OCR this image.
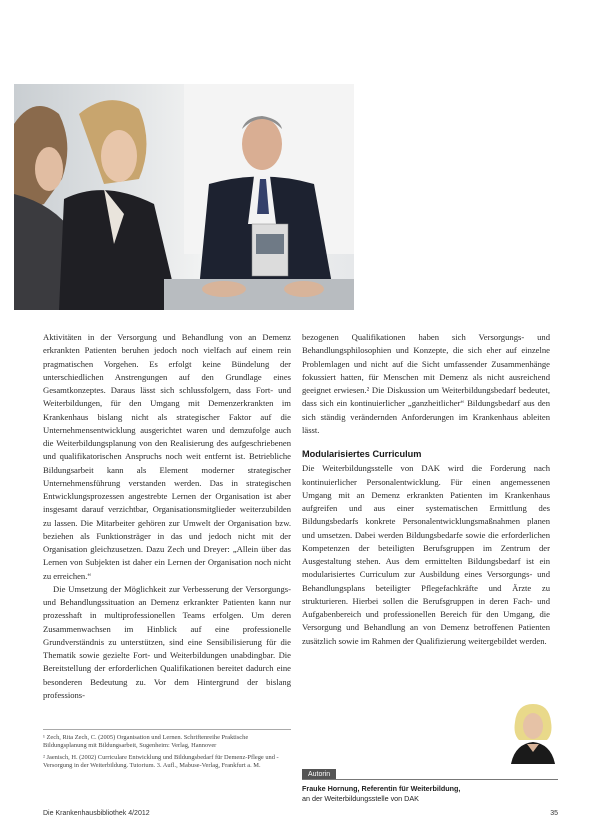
Aktivitäten in der Versorgung und Behandlung von an Demenz erkrankten Patienten beruhen jedoch noch vielfach auf einem rein pragmatischen Vorgehen. Es erfolgt keine Bündelung der unterschiedlichen Anstrengungen auf den Grundlage eines Gesamtkonzeptes. Daraus lässt sich schlussfolgern, dass Fort- und Weiterbildungen, für den Umgang mit Demenzerkrankten im Krankenhaus bislang nicht als strategischer Faktor auf die Unternehmensentwicklung ausgerichtet waren und demzufolge auch die Weiterbildungsplanung von den Realisierung des aufgeschriebenen und qualifikatorischen Anspruchs noch weit entfernt ist. Betriebliche Bildungsarbeit kann als Element moderner strategischer Unternehmensführung verstanden werden. Das in strategischen Entwicklungsprozessen angestrebte Lernen der Organisation ist aber insgesamt darauf verzichtbar, Organisationsmitglieder weiterzubilden zu lassen. Die Mitarbeiter gehören zur Umwelt der Organisation bzw. beziehen als Funktionsträger in das und jedoch nicht mit der Organisation gleichzusetzen. Dazu Zech und Dreyer: „Allein über das Lernen von Subjekten ist daher ein Lernen der Organisation noch nicht zu erreichen.“

Die Umsetzung der Möglichkeit zur Verbesserung der Versorgungs- und Behandlungssituation an Demenz erkrankter Patienten kann nur prozesshaft in multiprofessionellen Teams erfolgen. Um deren Zusammenwachsen im Hinblick auf eine professionelle Grundverständnis zu unterstützen, sind eine Sensibilisierung für die Thematik sowie gezielte Fort- und Weiterbildungen unabdingbar. Die Bereitstellung der erforderlichen Qualifikationen bereitet dadurch eine besonderen Bedeutung zu. Vor dem Hintergrund der bislang professions-

bezogenen Qualifikationen haben sich Versorgungs- und Behandlungsphilosophien und Konzepte, die sich eher auf einzelne Problemlagen und nicht auf die Sicht umfassender Zusammenhänge fokussiert hatten, für Menschen mit Demenz als nicht ausreichend geeignet erwiesen.² Die Diskussion um Weiterbildungsbedarf bedeutet, dass sich ein kontinuierlicher „ganzheitlicher“ Bildungsbedarf aus den sich ständig verändernden Anforderungen im Krankenhaus ableiten lässt.

Modularisiertes Curriculum

Die Weiterbildungsstelle von DAK wird die Forderung nach kontinuierlicher Personalentwicklung. Für einen angemessenen Umgang mit an Demenz erkrankten Patienten im Krankenhaus aufgreifen und aus einer systematischen Ermittlung des Bildungsbedarfs konkrete Personalentwicklungsmaßnahmen planen und umsetzen. Dabei werden Bildungsbedarfe sowie die erforderlichen Kompetenzen der beteiligten Berufsgruppen im Zentrum der Ausgestaltung stehen. Aus dem ermittelten Bildungsbedarf ist ein modularisiertes Curriculum zur Ausbildung eines Versorgungs- und Behandlungsplans beteiligter Pflegefachkräfte und Ärzte zu strukturieren. Hierbei sollen die Berufsgruppen in deren Fach- und Aufgabenbereich und professionellen Bereich für den Umgang, die Versorgung und Behandlung an von Demenz betroffenen Patienten zusätzlich sowie im Rahmen der Qualifizierung weitergebildet werden.

¹ Zech, Rita Zech, C. (2005) Organisation und Lernen. Schriftenreihe Praktische Bildungsplanung mit Bildungsarbeit, Sugenheim: Verlag, Hannover

² Jaenisch, H. (2002) Curriculare Entwicklung und Bildungsbedarf für Demenz-Pflege und -Versorgung in der Weiterbildung. Tutorium. 3. Aufl., Mabuse-Verlag, Frankfurt a. M.

Autorin
Frauke Hornung, Referentin für Weiterbildung,
an der Weiterbildungsstelle von DAK
Die Krankenhausbibliothek 4/2012	35
